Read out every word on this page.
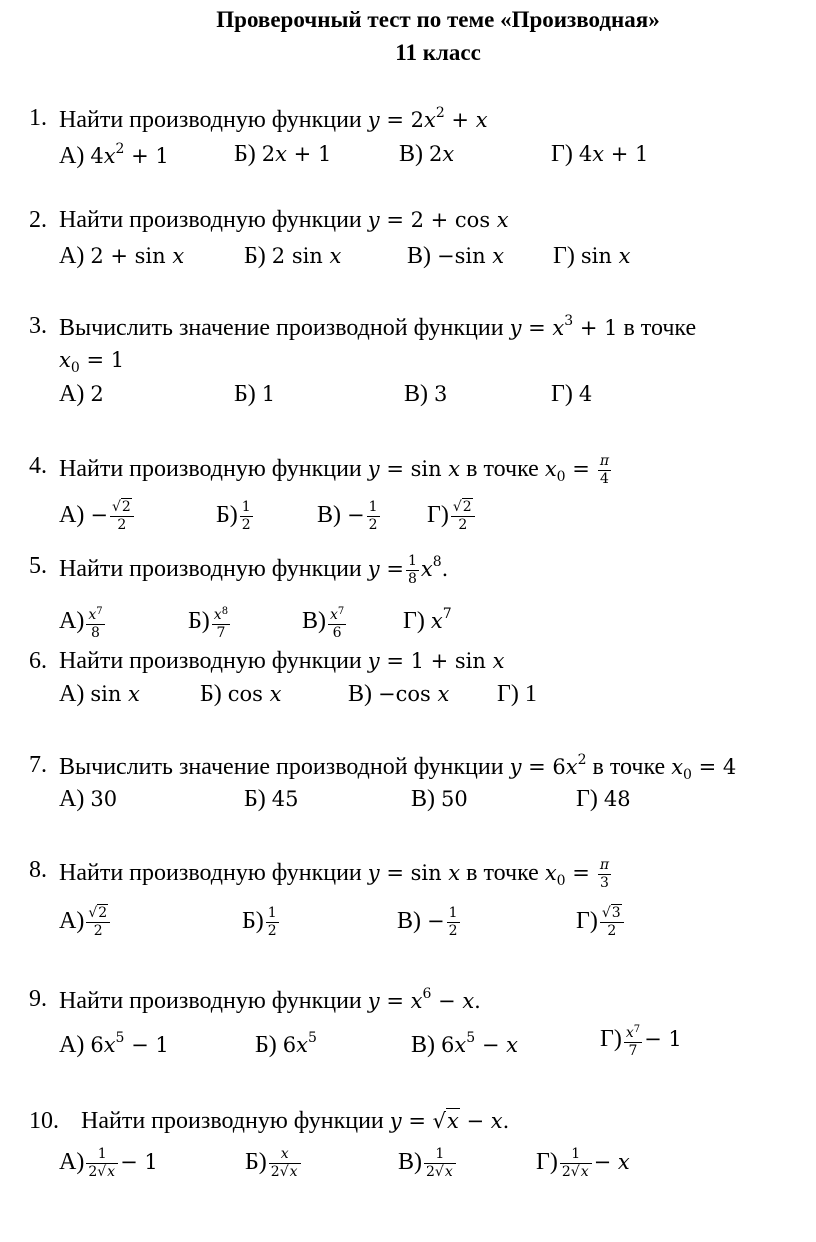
Проверочный тест по теме «Производная»
11 класс
1. Найти производную функции $y = 2x^2 + x$
А) $4x^2 + 1$	Б) 2x + 1	В) 2x	Г) 4x + 1
2. Найти производную функции y = 2 + cos x
А) 2 + sin x Б) 2 sin x	В) −sin x Г) sin x
3. Вычислить значение производной функции $y = x^3 + 1$ в точке
$x_0 = 1$
А) 2	Б) 1	В) 3	Г) 4
4. Найти производную функции y = sin x в точке $x_0 = \frac{\pi}{4}$
$А) - \frac{√2}{2}$	$Б) \frac{1}{2}$	$В) - \frac{1}{2} Г) \frac{√2}{2}$
5. Найти производную функции $y = \frac{1}{8} x^8$.
$А) \frac{x^7}{8}$	$Б) \frac{x^8}{7}$	$В) \frac{x^7}{6} Г$) $x^7$
6. Найти производную функции y = 1 + sin x
А) sin x	Б) cos x	В) −cos x Г) 1
7. Вычислить значение производной функции $y = 6x^2$ в точке $x_0 = 4$
А) 30	Б) 45	В) 50	Г) 48
8. Найти производную функции y = sin x в точке $x_0 = \frac{\pi}{3}$
$А) \frac{√2}{2}$	$Б) \frac{1}{2}$	$В) - \frac{1}{2}$	$Г) \frac{√3}{2}$
9. Найти производную функции $y = x^6 - x$.
А) $6x^5 - 1$	Б) $6x^5$	В) $6x^5 - x$	$Г) \frac{x^7}{7} - 1$
10. Найти производную функции y = √x − x.
$А) \frac{1}{2√x} - 1$	$Б) \frac{x}{2√x}$	$В) \frac{1}{2√x}$	$Г) \frac{1}{2√x} - x$
